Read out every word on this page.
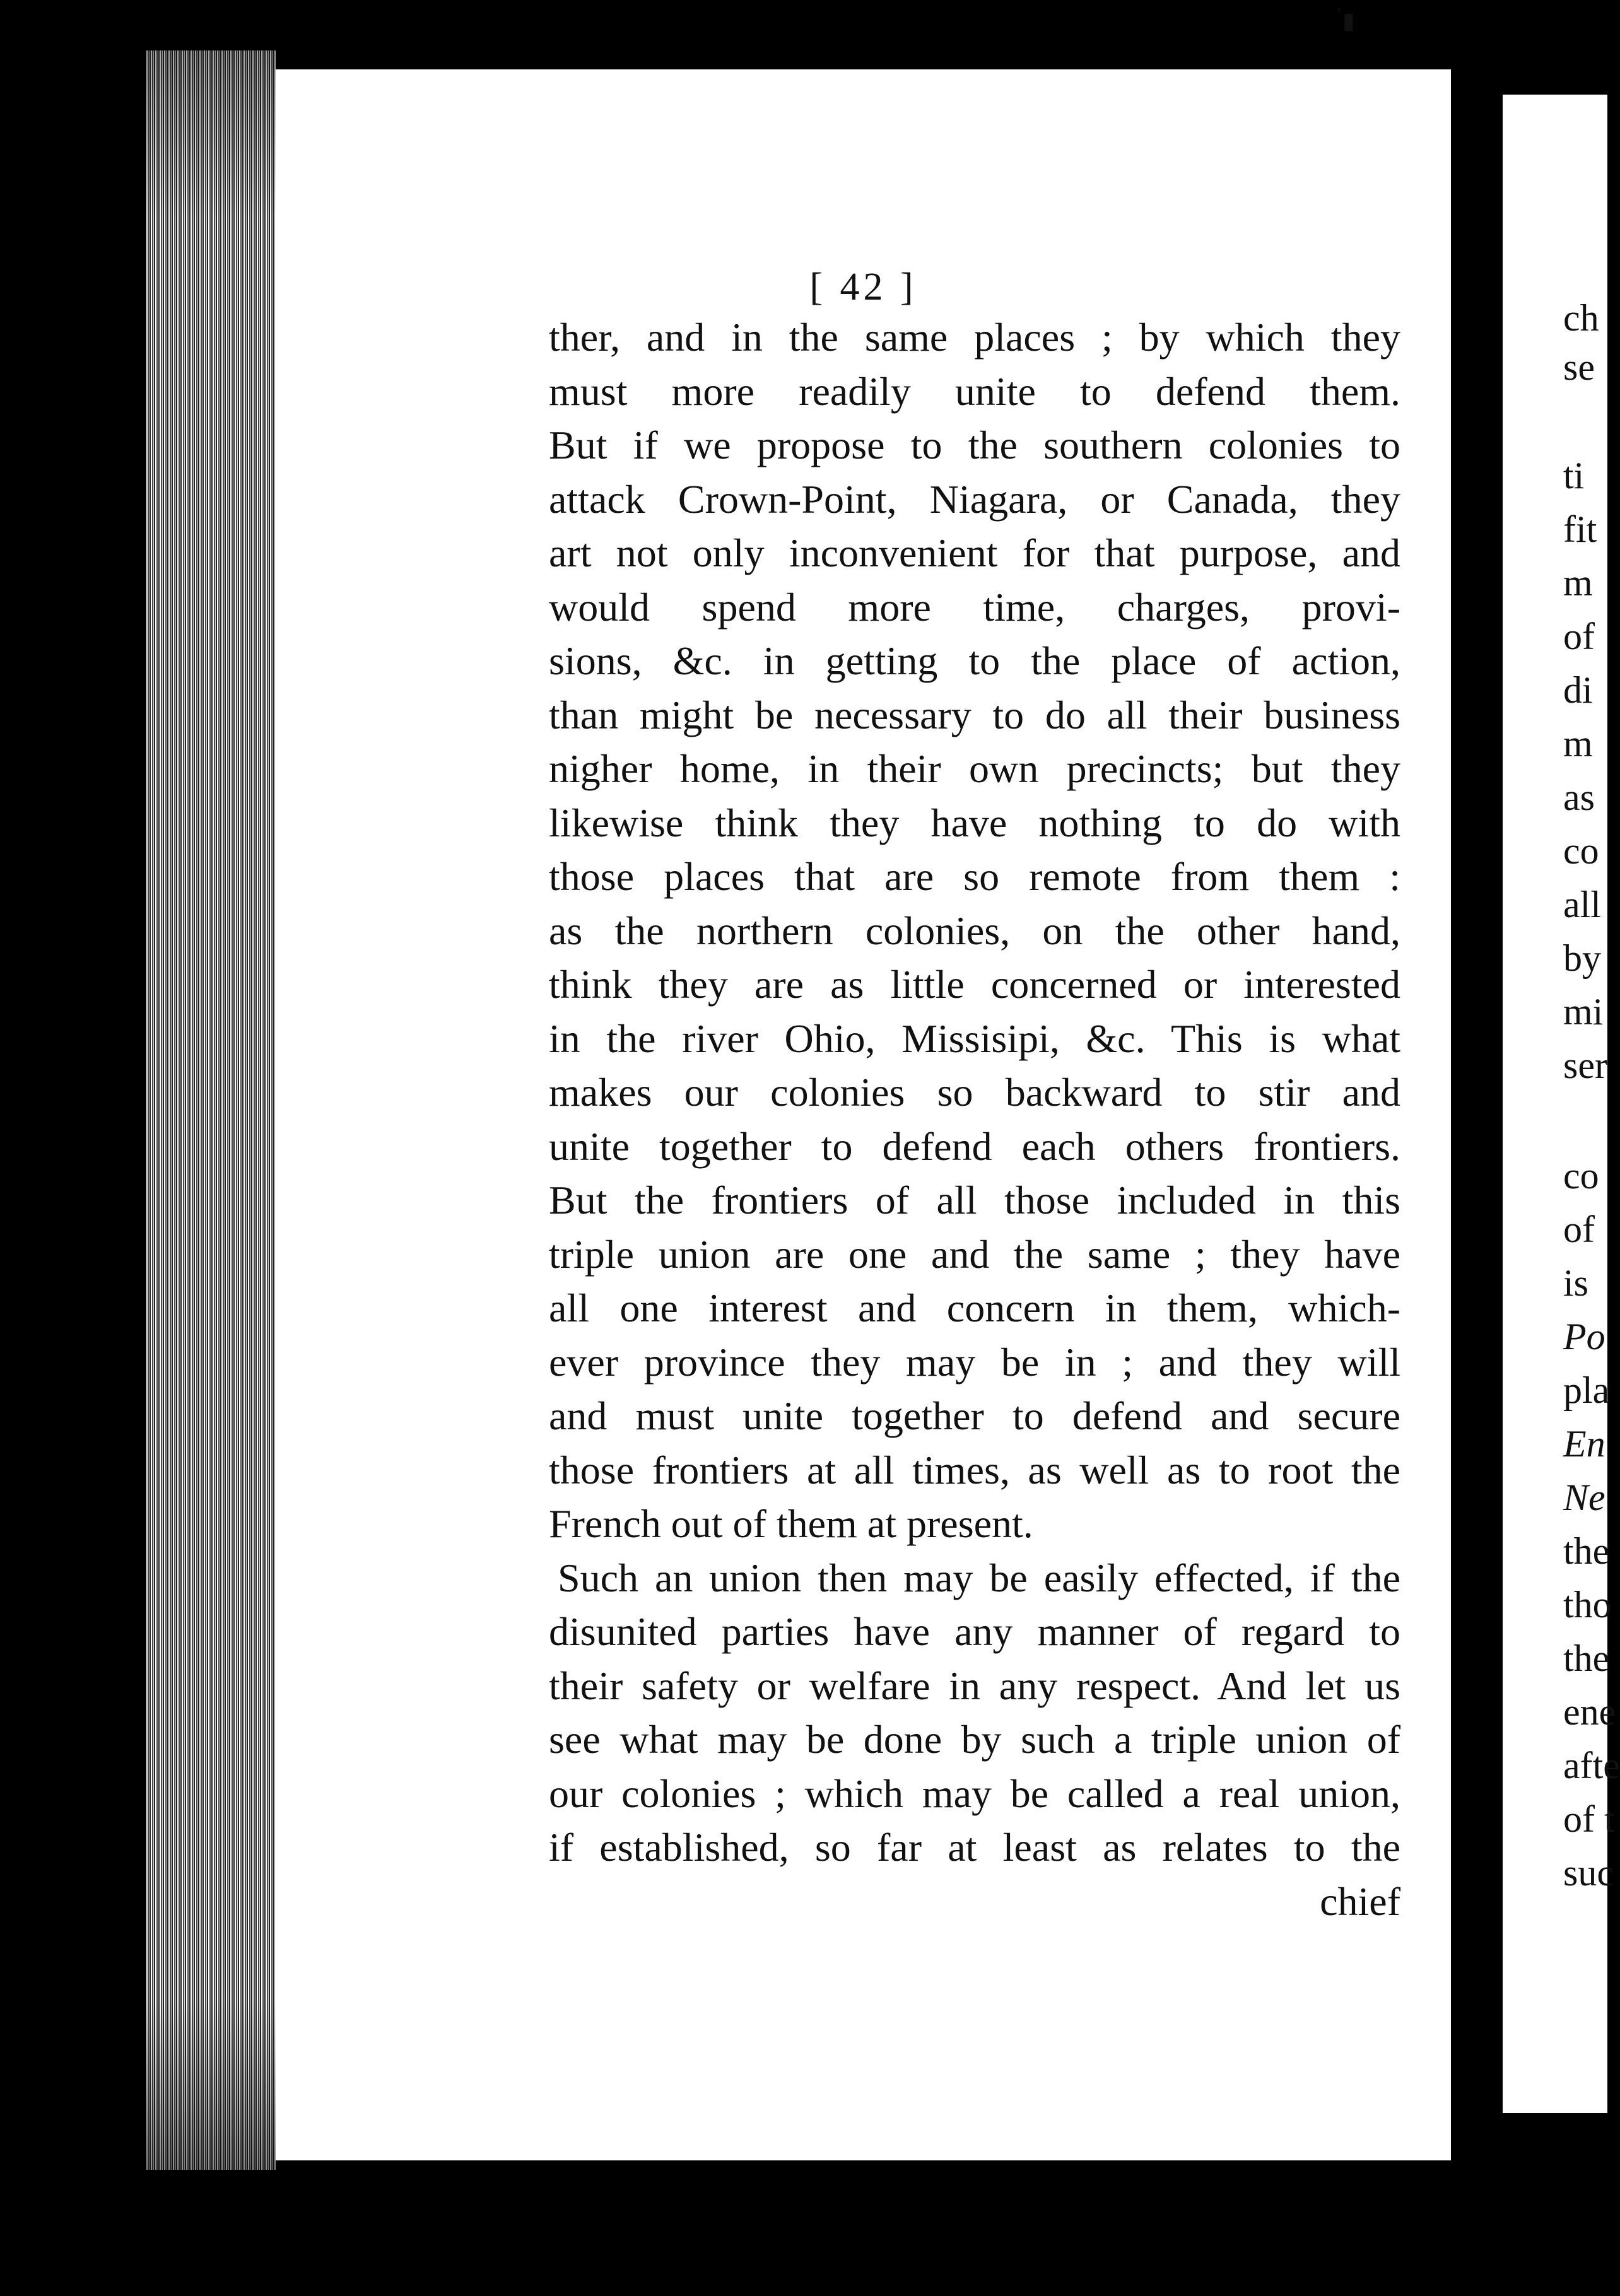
▮
'
[ 42 ]
ther, and in the same places ; by which they
must more readily unite to defend them.
But if we propose to the southern colonies to
attack Crown-Point, Niagara, or Canada, they
art not only inconvenient for that purpose, and
would spend more time, charges, provi-
sions, &c. in getting to the place of action,
than might be necessary to do all their business
nigher home, in their own precincts; but they
likewise think they have nothing to do with
those places that are so remote from them :
as the northern colonies, on the other hand,
think they are as little concerned or interested
in the river Ohio, Missisipi, &c. This is what
makes our colonies so backward to stir and
unite together to defend each others frontiers.
But the frontiers of all those included in this
triple union are one and the same ; they have
all one interest and concern in them, which-
ever province they may be in ; and they will
and must unite together to defend and secure
those frontiers at all times, as well as to root the
French out of them at present.
Such an union then may be easily effected, if the
disunited parties have any manner of regard to
their safety or welfare in any respect. And let us
see what may be done by such a triple union of
our colonies ; which may be called a real union,
if established, so far at least as relates to the
chief
ch
se
ti
fit
m
of
di
m
as
co
all
by
mi
ser
co
of
is
Po
pla
En
Ne
the
tho
the
ene
afte
of t
suc
